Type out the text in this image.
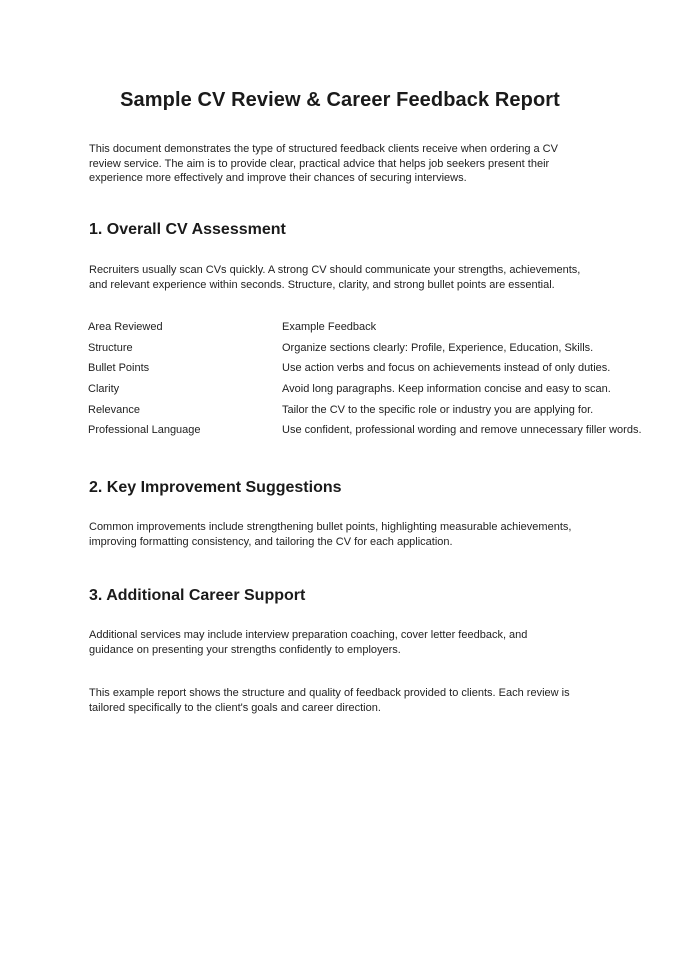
Sample CV Review & Career Feedback Report

This document demonstrates the type of structured feedback clients receive when ordering a CV review service. The aim is to provide clear, practical advice that helps job seekers present their experience more effectively and improve their chances of securing interviews.

1. Overall CV Assessment

Recruiters usually scan CVs quickly. A strong CV should communicate your strengths, achievements, and relevant experience within seconds. Structure, clarity, and strong bullet points are essential.

Area Reviewed	Example Feedback
Structure	Organize sections clearly: Profile, Experience, Education, Skills.
Bullet Points	Use action verbs and focus on achievements instead of only duties.
Clarity	Avoid long paragraphs. Keep information concise and easy to scan.
Relevance	Tailor the CV to the specific role or industry you are applying for.
Professional Language	Use confident, professional wording and remove unnecessary filler words.
2. Key Improvement Suggestions

Common improvements include strengthening bullet points, highlighting measurable achievements, improving formatting consistency, and tailoring the CV for each application.

3. Additional Career Support

Additional services may include interview preparation coaching, cover letter feedback, and guidance on presenting your strengths confidently to employers.

This example report shows the structure and quality of feedback provided to clients. Each review is tailored specifically to the client's goals and career direction.
